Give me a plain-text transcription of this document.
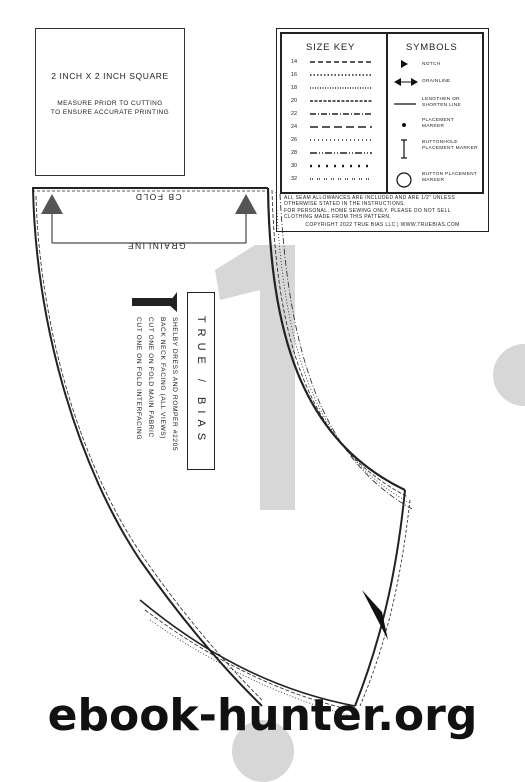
CB FOLD
GRAINLINE
2 INCH X 2 INCH SQUARE
MEASURE PRIOR TO CUTTING
TO ENSURE ACCURATE PRINTING
SIZE KEY	SYMBOLS
14
16
18
20
22
24
26
28
30
32
NOTCH
GRAINLINE
LENGTHEN OR SHORTEN LINE
PLACEMENT MARKER
BUTTONHOLE PLACEMENT MARKER
BUTTON PLACEMENT MARKER
ALL SEAM ALLOWANCES ARE INCLUDED AND ARE 1/2" UNLESS
OTHERWISE STATED IN THE INSTRUCTIONS.
FOR PERSONAL, HOME SEWING ONLY. PLEASE DO NOT SELL
CLOTHING MADE FROM THIS PATTERN.
COPYRIGHT 2022 TRUE BIAS LLC | WWW.TRUEBIAS.COM
TRUE / BIAS
SHELBY DRESS AND ROMPER #2205
BACK NECK FACING (ALL VIEWS)
CUT ONE ON FOLD MAIN FABRIC
CUT ONE ON FOLD INTERFACING
ebook-hunter.org
